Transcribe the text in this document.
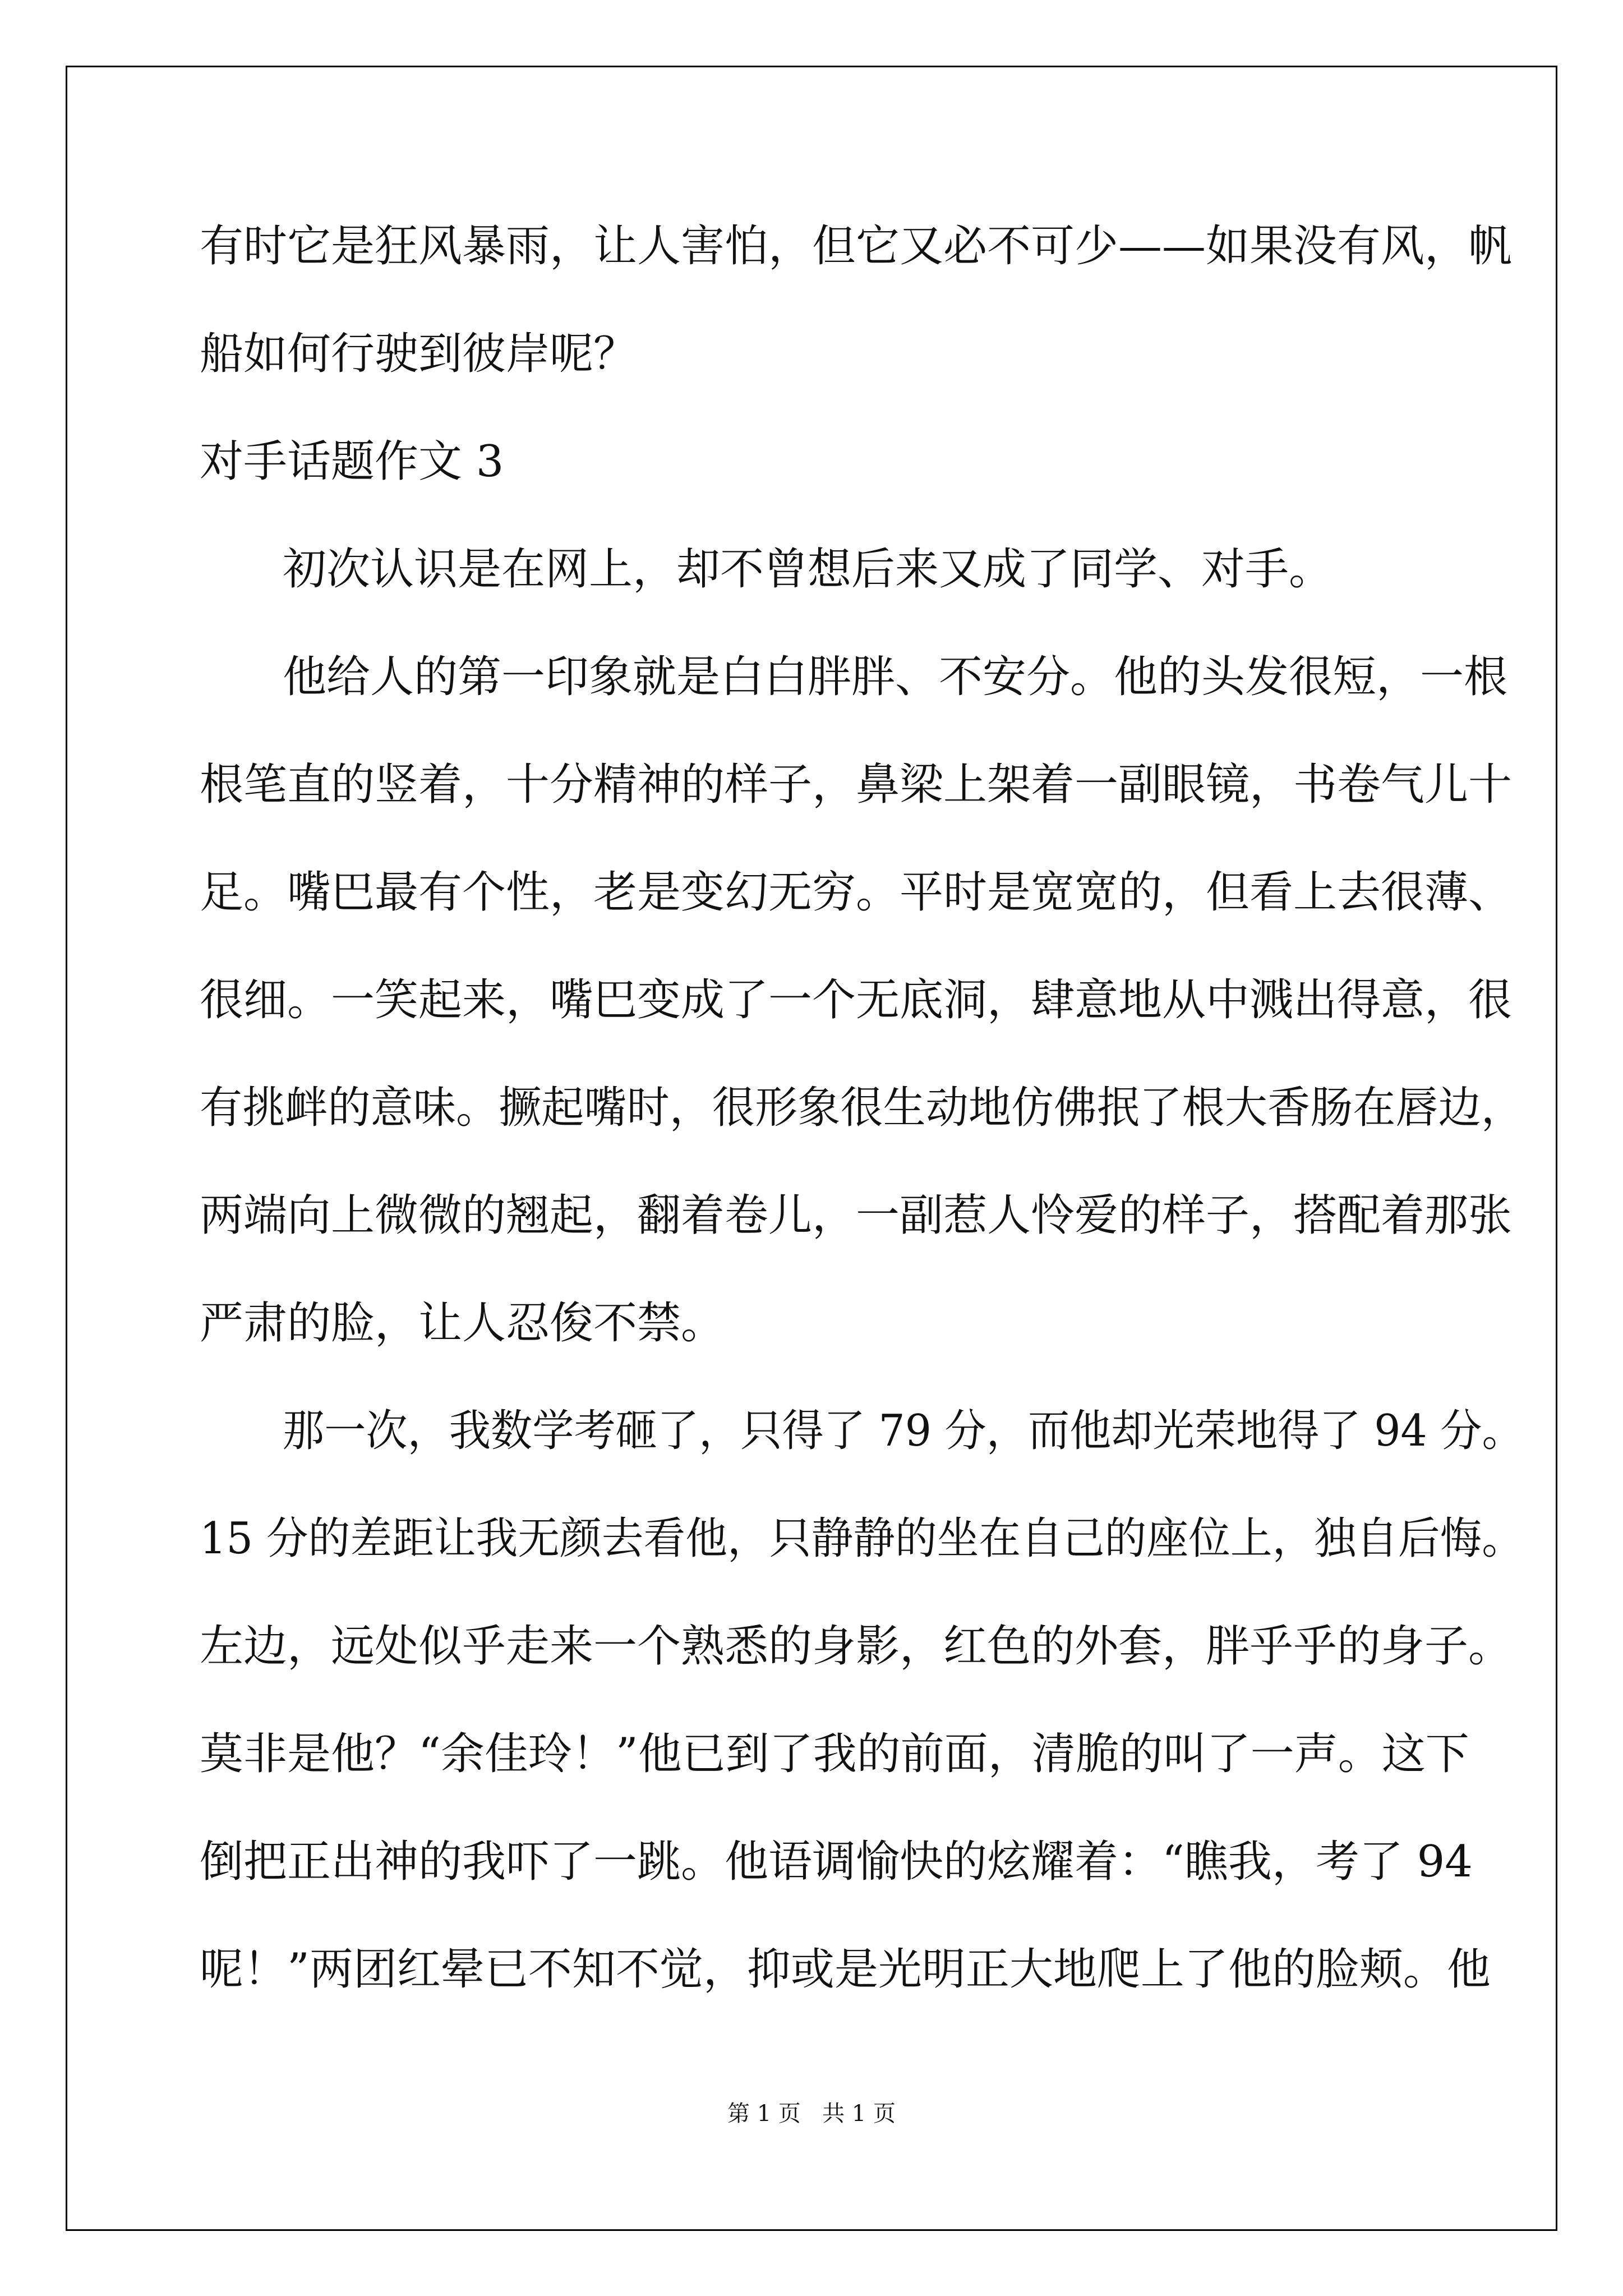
有时它是狂风暴雨，让人害怕，但它又必不可少——如果没有风，帆

船如何行驶到彼岸呢？

对手话题作文 3

初次认识是在网上，却不曾想后来又成了同学、对手。

他给人的第一印象就是白白胖胖、不安分。他的头发很短，一根

根笔直的竖着，十分精神的样子，鼻梁上架着一副眼镜，书卷气儿十

足。嘴巴最有个性，老是变幻无穷。平时是宽宽的，但看上去很薄、

很细。一笑起来，嘴巴变成了一个无底洞，肆意地从中溅出得意，很

有挑衅的意味。撅起嘴时，很形象很生动地仿佛抿了根大香肠在唇边，

两端向上微微的翘起，翻着卷儿，一副惹人怜爱的样子，搭配着那张

严肃的脸，让人忍俊不禁。

那一次，我数学考砸了，只得了 79 分，而他却光荣地得了 94 分。

15 分的差距让我无颜去看他，只静静的坐在自己的座位上，独自后悔。

左边，远处似乎走来一个熟悉的身影，红色的外套，胖乎乎的身子。

莫非是他？“余佳玲！”他已到了我的前面，清脆的叫了一声。这下

倒把正出神的我吓了一跳。他语调愉快的炫耀着：“瞧我，考了 94

呢！”两团红晕已不知不觉，抑或是光明正大地爬上了他的脸颊。他

第 1 页   共 1 页
